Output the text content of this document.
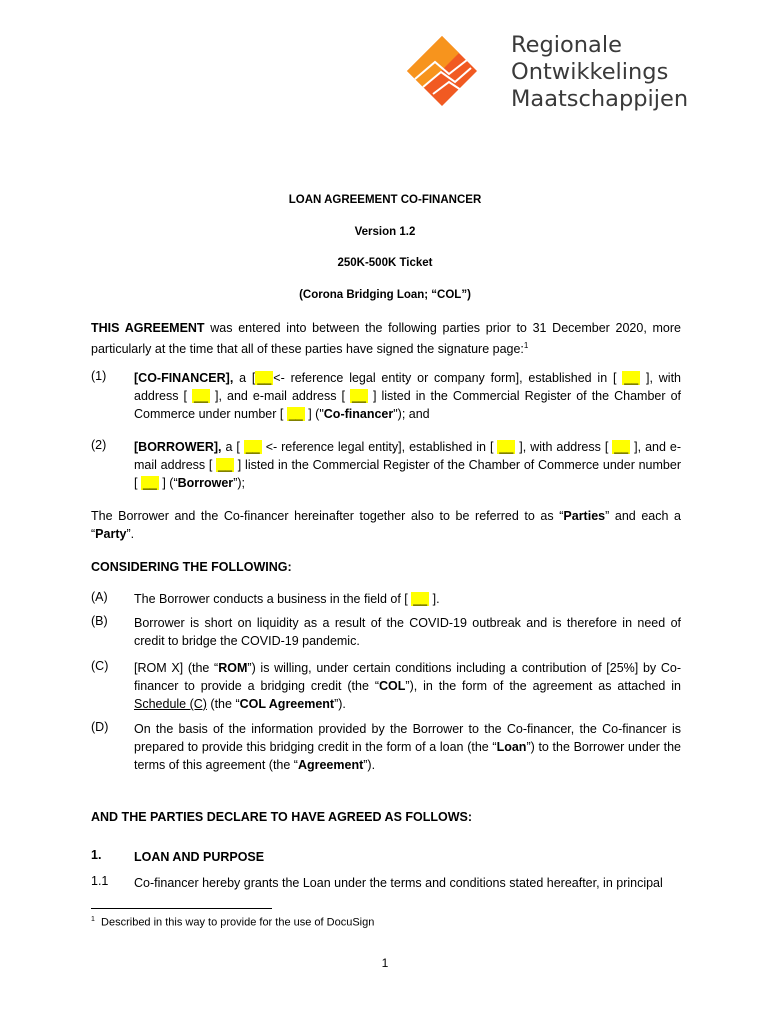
Regionale
Ontwikkelings
Maatschappijen
LOAN AGREEMENT CO-FINANCER
Version 1.2
250K-500K Ticket
(Corona Bridging Loan; “COL”)
THIS AGREEMENT was entered into between the following parties prior to 31 December 2020, more particularly at the time that all of these parties have signed the signature page:$^1$
(1)	[CO-FINANCER], a [ __ <- reference legal entity or company form], established in [ __ ], with address [ __ ], and e-mail address [ __ ] listed in the Commercial Register of the Chamber of Commerce under number [ __ ] ("Co-financer"); and
(2)	[BORROWER], a [ __ <- reference legal entity], established in [ __ ], with address [ __ ], and e-mail address [ __ ] listed in the Commercial Register of the Chamber of Commerce under number [ __ ] (“Borrower”);
The Borrower and the Co-financer hereinafter together also to be referred to as “Parties” and each a “Party”.
CONSIDERING THE FOLLOWING:
(A)	The Borrower conducts a business in the field of [ __ ].
(B)	Borrower is short on liquidity as a result of the COVID-19 outbreak and is therefore in need of credit to bridge the COVID-19 pandemic.
(C)	[ROM X] (the “ROM”) is willing, under certain conditions including a contribution of [25%] by Co-financer to provide a bridging credit (the “COL”), in the form of the agreement as attached in Schedule (C) (the “COL Agreement”).
(D)	On the basis of the information provided by the Borrower to the Co-financer, the Co-financer is prepared to provide this bridging credit in the form of a loan (the “Loan”) to the Borrower under the terms of this agreement (the “Agreement”).
AND THE PARTIES DECLARE TO HAVE AGREED AS FOLLOWS:
1.	LOAN AND PURPOSE
1.1	Co-financer hereby grants the Loan under the terms and conditions stated hereafter, in principal
$^1$ Described in this way to provide for the use of DocuSign
1
